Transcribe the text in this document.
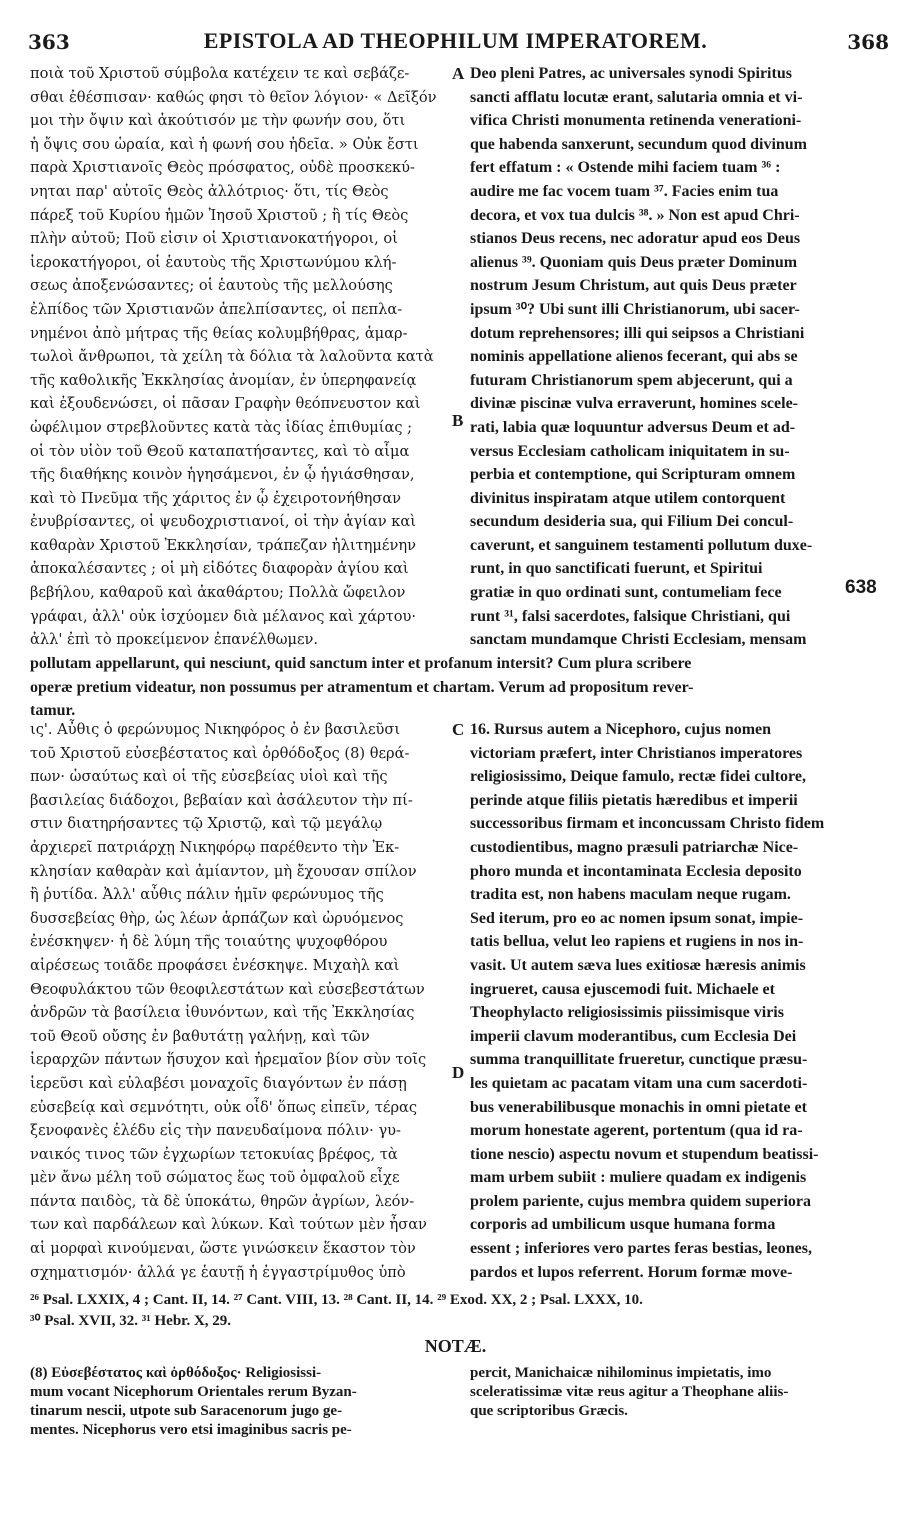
363	EPISTOLA AD THEOPHILUM IMPERATOREM.	368
ποιὰ τοῦ Χριστοῦ σύμβολα κατέχειν τε καὶ σεβάζε-
σθαι ἐθέσπισαν· καθώς φησι τὸ θεῖον λόγιον· « Δεῖξόν
μοι τὴν ὄψιν καὶ ἀκούτισόν με τὴν φωνήν σου, ὅτι
ἡ ὄψις σου ὡραία, καὶ ἡ φωνή σου ἡδεῖα. » Οὐκ ἔστι
παρὰ Χριστιανοῖς Θεὸς πρόσφατος, οὐδὲ προσκεκύ-
νηται παρ' αὐτοῖς Θεὸς ἀλλότριος· ὅτι, τίς Θεὸς
πάρεξ τοῦ Κυρίου ἡμῶν Ἰησοῦ Χριστοῦ ; ἢ τίς Θεὸς
πλὴν αὐτοῦ; Ποῦ εἰσιν οἱ Χριστιανοκατήγοροι, οἱ
ἱεροκατήγοροι, οἱ ἑαυτοὺς τῆς Χριστωνύμου κλή-
σεως ἀποξενώσαντες; οἱ ἑαυτοὺς τῆς μελλούσης
ἐλπίδος τῶν Χριστιανῶν ἀπελπίσαντες, οἱ πεπλα-
νημένοι ἀπὸ μήτρας τῆς θείας κολυμβήθρας, ἁμαρ-
τωλοὶ ἄνθρωποι, τὰ χείλη τὰ δόλια τὰ λαλοῦντα κατὰ
τῆς καθολικῆς Ἐκκλησίας ἀνομίαν, ἐν ὑπερηφανείᾳ
καὶ ἐξουδενώσει, οἱ πᾶσαν Γραφὴν θεόπνευστον καὶ
ὠφέλιμον στρεβλοῦντες κατὰ τὰς ἰδίας ἐπιθυμίας ;
οἱ τὸν υἱὸν τοῦ Θεοῦ καταπατήσαντες, καὶ τὸ αἷμα
τῆς διαθήκης κοινὸν ἡγησάμενοι, ἐν ᾧ ἡγιάσθησαν,
καὶ τὸ Πνεῦμα τῆς χάριτος ἐν ᾧ ἐχειροτονήθησαν
ἐνυβρίσαντες, οἱ ψευδοχριστιανοί, οἱ τὴν ἁγίαν καὶ
καθαρὰν Χριστοῦ Ἐκκλησίαν, τράπεζαν ἠλιτημένην
ἀποκαλέσαντες ; οἱ μὴ εἰδότες διαφορὰν ἁγίου καὶ
βεβήλου, καθαροῦ καὶ ἀκαθάρτου; Πολλὰ ὤφειλον
γράφαι, ἀλλ' οὐκ ἰσχύομεν διὰ μέλανος καὶ χάρτου·
ἀλλ' ἐπὶ τὸ προκείμενον ἐπανέλθωμεν.
A Deo pleni Patres, ac universales synodi Spiritus
sancti afflatu locutæ erant, salutaria omnia et vi-
vifica Christi monumenta retinenda venerationi-
que habenda sanxerunt, secundum quod divinum
fert effatum : « Ostende mihi faciem tuam ³⁶ :
audire me fac vocem tuam ³⁷. Facies enim tua
decora, et vox tua dulcis ³⁸. » Non est apud Chri-
stianos Deus recens, nec adoratur apud eos Deus
alienus ³⁹. Quoniam quis Deus præter Dominum
nostrum Jesum Christum, aut quis Deus præter
ipsum ³⁰? Ubi sunt illi Christianorum, ubi sacer-
dotum reprehensores; illi qui seipsos a Christiani
nominis appellatione alienos fecerant, qui abs se
futuram Christianorum spem abjecerunt, qui a
divinæ piscinæ vulva erraverunt, homines scele-
rati, labia quæ loquuntur adversus Deum et ad-
versus Ecclesiam catholicam iniquitatem in su-
perbia et contemptione, qui Scripturam omnem
divinitus inspiratam atque utilem contorquent
secundum desideria sua, qui Filium Dei concul-
caverunt, et sanguinem testamenti pollutum duxe-
runt, in quo sanctificati fuerunt, et Spiritui
gratiæ in quo ordinati sunt, contumeliam fece
runt ³¹, falsi sacerdotes, falsique Christiani, qui
sanctam mundamque Christi Ecclesiam, mensam
B
638
pollutam appellarunt, qui nesciunt, quid sanctum inter et profanum intersit? Cum plura scribere
operæ pretium videatur, non possumus per atramentum et chartam. Verum ad propositum rever-
tamur.
ις'. Αὖθις ὁ φερώνυμος Νικηφόρος ὁ ἐν βασιλεῦσι
τοῦ Χριστοῦ εὐσεβέστατος καὶ ὀρθόδοξος (8) θερά-
πων· ὡσαύτως καὶ οἱ τῆς εὐσεβείας υἱοὶ καὶ τῆς
βασιλείας διάδοχοι, βεβαίαν καὶ ἀσάλευτον τὴν πί-
στιν διατηρήσαντες τῷ Χριστῷ, καὶ τῷ μεγάλῳ
ἀρχιερεῖ πατριάρχῃ Νικηφόρῳ παρέθεντο τὴν Ἐκ-
κλησίαν καθαρὰν καὶ ἀμίαντον, μὴ ἔχουσαν σπίλον
ἢ ῥυτίδα. Ἀλλ' αὖθις πάλιν ἡμῖν φερώνυμος τῆς
δυσσεβείας θὴρ, ὡς λέων ἁρπάζων καὶ ὠρυόμενος
ἐνέσκηψεν· ἡ δὲ λύμη τῆς τοιαύτης ψυχοφθόρου
αἱρέσεως τοιᾶδε προφάσει ἐνέσκηψε. Μιχαὴλ καὶ
Θεοφυλάκτου τῶν θεοφιλεστάτων καὶ εὐσεβεστάτων
ἀνδρῶν τὰ βασίλεια ἰθυνόντων, καὶ τῆς Ἐκκλησίας
τοῦ Θεοῦ οὔσης ἐν βαθυτάτῃ γαλήνῃ, καὶ τῶν
ἱεραρχῶν πάντων ἥσυχον καὶ ἠρεμαῖον βίον σὺν τοῖς
ἱερεῦσι καὶ εὐλαβέσι μοναχοῖς διαγόντων ἐν πάσῃ
εὐσεβείᾳ καὶ σεμνότητι, οὐκ οἶδ' ὅπως εἰπεῖν, τέρας
ξενοφανὲς ἐλέδυ εἰς τὴν πανευδαίμονα πόλιν· γυ-
ναικός τινος τῶν ἐγχωρίων τετοκυίας βρέφος, τὰ
μὲν ἄνω μέλη τοῦ σώματος ἕως τοῦ ὀμφαλοῦ εἶχε
πάντα παιδὸς, τὰ δὲ ὑποκάτω, θηρῶν ἀγρίων, λεόν-
των καὶ παρδάλεων καὶ λύκων. Καὶ τούτων μὲν ἦσαν
αἱ μορφαὶ κινούμεναι, ὥστε γινώσκειν ἕκαστον τὸν
σχηματισμόν· ἀλλά γε ἑαυτῇ ἡ ἐγγαστρίμυθος ὑπὸ
C 16. Rursus autem a Nicephoro, cujus nomen
victoriam præfert, inter Christianos imperatores
religiosissimo, Deique famulo, rectæ fidei cultore,
perinde atque filiis pietatis hæredibus et imperii
successoribus firmam et inconcussam Christo fidem
custodientibus, magno præsuli patriarchæ Nice-
phoro munda et incontaminata Ecclesia deposito
tradita est, non habens maculam neque rugam.
Sed iterum, pro eo ac nomen ipsum sonat, impie-
tatis bellua, velut leo rapiens et rugiens in nos in-
vasit. Ut autem sæva lues exitiosæ hæresis animis
ingrueret, causa ejuscemodi fuit. Michaele et
Theophylacto religiosissimis piissimisque viris
imperii clavum moderantibus, cum Ecclesia Dei
summa tranquillitate frueretur, cunctique præsu-
les quietam ac pacatam vitam una cum sacerdoti-
bus venerabilibusque monachis in omni pietate et
morum honestate agerent, portentum (qua id ra-
tione nescio) aspectu novum et stupendum beatissi-
mam urbem subiit : muliere quadam ex indigenis
prolem pariente, cujus membra quidem superiora
corporis ad umbilicum usque humana forma
essent ; inferiores vero partes feras bestias, leones,
pardos et lupos referrent. Horum formæ move-
D
²⁶ Psal. LXXIX, 4 ; Cant. II, 14. ²⁷ Cant. VIII, 13. ²⁸ Cant. II, 14. ²⁹ Exod. XX, 2 ; Psal. LXXX, 10.
³⁰ Psal. XVII, 32. ³¹ Hebr. X, 29.
NOTÆ.
(8) Εὐσεβέστατος καὶ ὀρθόδοξος· Religiosissi-
mum vocant Nicephorum Orientales rerum Byzan-
tinarum nescii, utpote sub Saracenorum jugo ge-
mentes. Nicephorus vero etsi imaginibus sacris pe-
percit, Manichaicæ nihilominus impietatis, imo
sceleratissimæ vitæ reus agitur a Theophane aliis-
que scriptoribus Græcis.
